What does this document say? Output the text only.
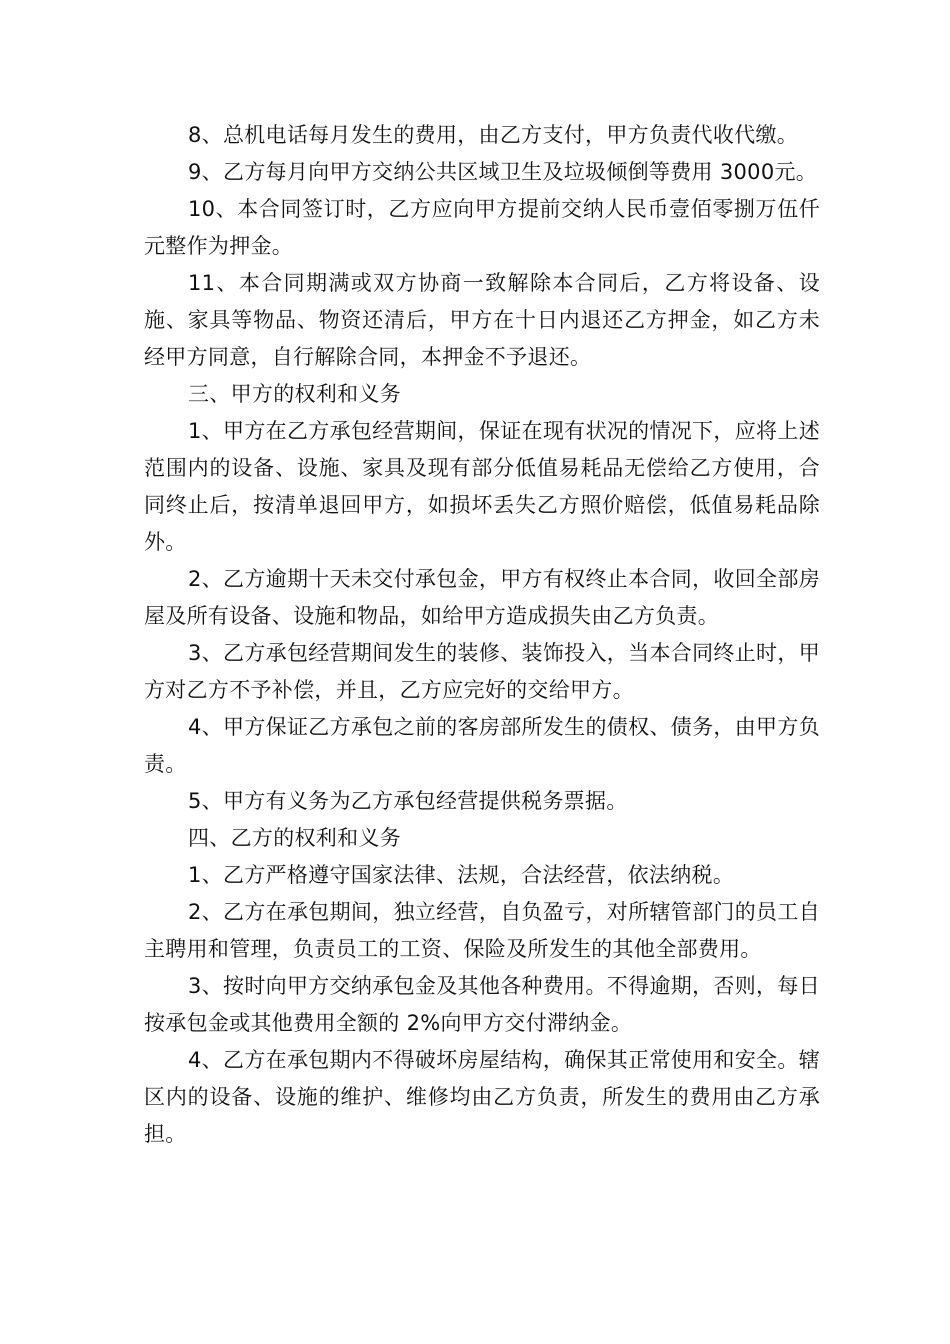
8、总机电话每月发生的费用，由乙方支付，甲方负责代收代缴。

9、乙方每月向甲方交纳公共区域卫生及垃圾倾倒等费用 3000元。

10、本合同签订时，乙方应向甲方提前交纳人民币壹佰零捌万伍仟元整作为押金。

11、本合同期满或双方协商一致解除本合同后，乙方将设备、设施、家具等物品、物资还清后，甲方在十日内退还乙方押金，如乙方未经甲方同意，自行解除合同，本押金不予退还。

三、甲方的权利和义务

1、甲方在乙方承包经营期间，保证在现有状况的情况下，应将上述范围内的设备、设施、家具及现有部分低值易耗品无偿给乙方使用，合同终止后，按清单退回甲方，如损坏丢失乙方照价赔偿，低值易耗品除外。

2、乙方逾期十天未交付承包金，甲方有权终止本合同，收回全部房屋及所有设备、设施和物品，如给甲方造成损失由乙方负责。

3、乙方承包经营期间发生的装修、装饰投入，当本合同终止时，甲方对乙方不予补偿，并且，乙方应完好的交给甲方。

4、甲方保证乙方承包之前的客房部所发生的债权、债务，由甲方负责。

5、甲方有义务为乙方承包经营提供税务票据。

四、乙方的权利和义务

1、乙方严格遵守国家法律、法规，合法经营，依法纳税。

2、乙方在承包期间，独立经营，自负盈亏，对所辖管部门的员工自主聘用和管理，负责员工的工资、保险及所发生的其他全部费用。

3、按时向甲方交纳承包金及其他各种费用。不得逾期，否则，每日按承包金或其他费用全额的 2%向甲方交付滞纳金。

4、乙方在承包期内不得破坏房屋结构，确保其正常使用和安全。辖区内的设备、设施的维护、维修均由乙方负责，所发生的费用由乙方承担。
